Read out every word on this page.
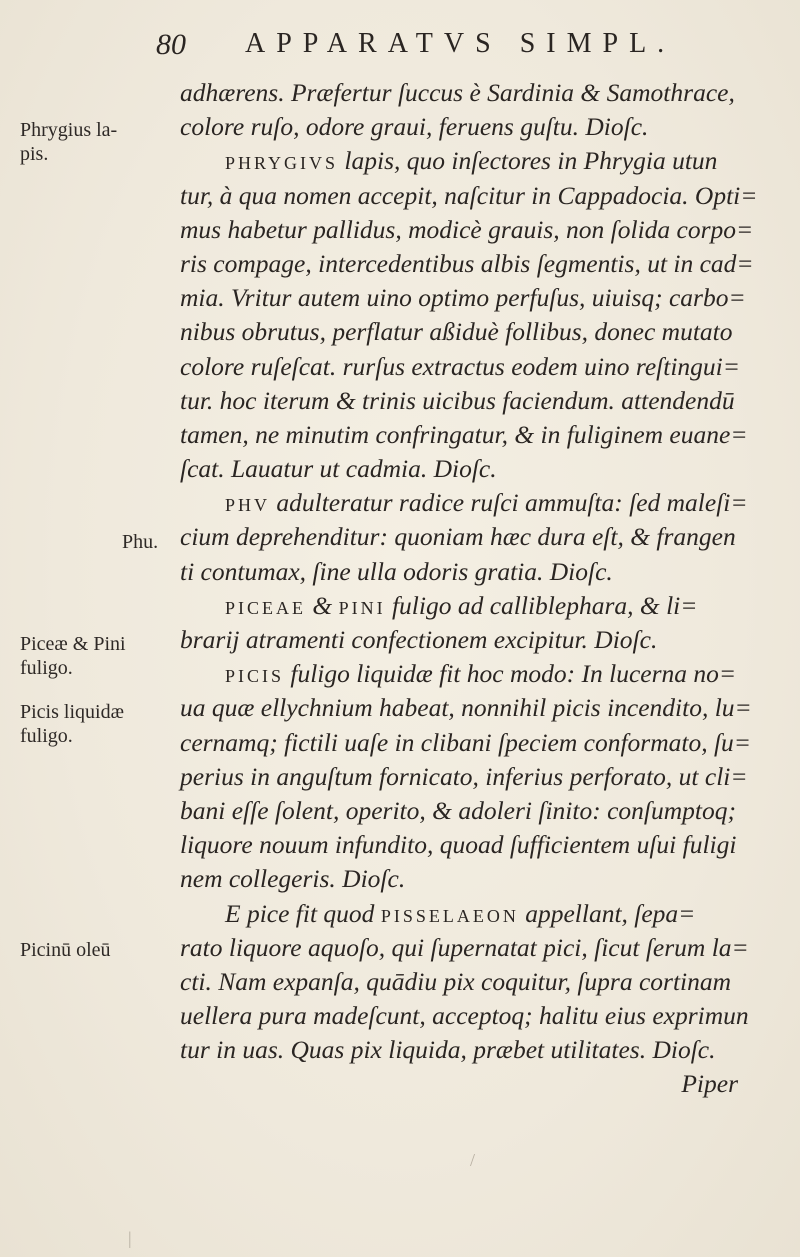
80 APPARATVS SIMPL.
Phrygius la-
pis.
Phu.
Piceæ & Pini
fuligo.
Picis liquidæ
fuligo.
Picinū oleū
adhærens. Præfertur ſuccus è Sardinia & Samothrace,
colore ruſo, odore graui, feruens guſtu. Dioſc.
PHRYGIVS lapis, quo inſectores in Phrygia utun
tur, à qua nomen accepit, naſcitur in Cappadocia. Opti=
mus habetur pallidus, modicè grauis, non ſolida corpo=
ris compage, intercedentibus albis ſegmentis, ut in cad=
mia. Vritur autem uino optimo perfuſus, uiuisq; carbo=
nibus obrutus, perflatur aßiduè follibus, donec mutato
colore ruſeſcat. rurſus extractus eodem uino reſtingui=
tur. hoc iterum & trinis uicibus faciendum. attendendū
tamen, ne minutim confringatur, & in fuliginem euane=
ſcat. Lauatur ut cadmia. Dioſc.
PHV adulteratur radice ruſci ammuſta: ſed maleſi=
cium deprehenditur: quoniam hæc dura eſt, & frangen
ti contumax, ſine ulla odoris gratia. Dioſc.
PICEAE & PINI fuligo ad calliblephara, & li=
brarij atramenti confectionem excipitur. Dioſc.
PICIS fuligo liquidæ fit hoc modo: In lucerna no=
ua quæ ellychnium habeat, nonnihil picis incendito, lu=
cernamq; fictili uaſe in clibani ſpeciem conformato, ſu=
perius in anguſtum fornicato, inferius perforato, ut cli=
bani eſſe ſolent, operito, & adoleri ſinito: conſumptoq;
liquore nouum infundito, quoad ſufficientem uſui fuligi
nem collegeris. Dioſc.
E pice fit quod PISSELAEON appellant, ſepa=
rato liquore aquoſo, qui ſupernatat pici, ſicut ſerum la=
cti. Nam expanſa, quādiu pix coquitur, ſupra cortinam
uellera pura madeſcunt, acceptoq; halitu eius exprimun
tur in uas. Quas pix liquida, præbet utilitates. Dioſc.
Piper
/
|
